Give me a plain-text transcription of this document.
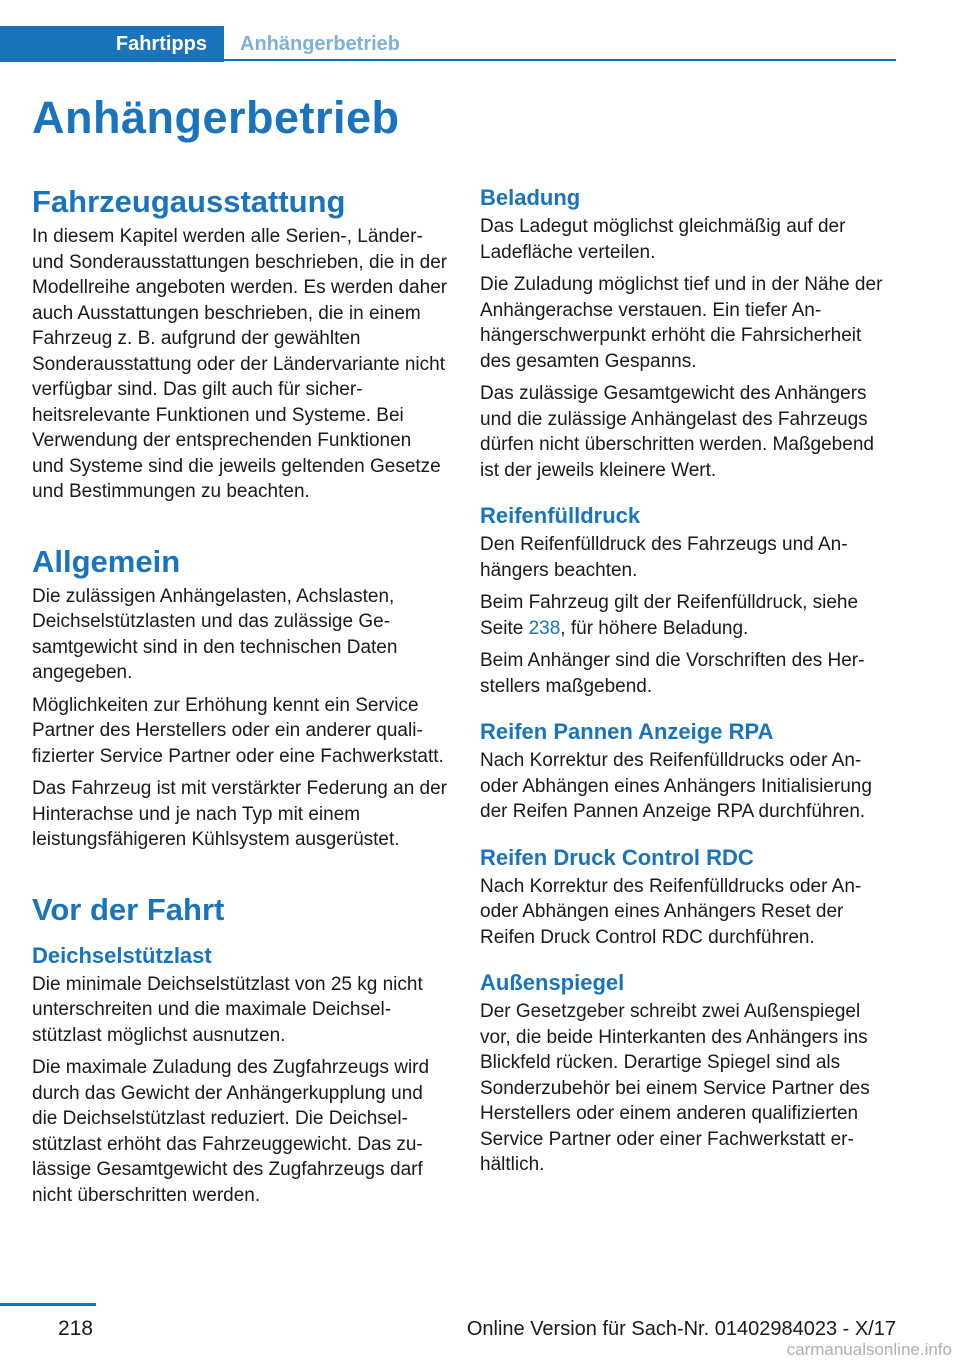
Fahrtipps	Anhängerbetrieb
Anhängerbetrieb
Fahrzeugausstattung

In diesem Kapitel werden alle Serien-, Länder- und Sonderausstattungen beschrieben, die in der Modellreihe angeboten werden. Es werden daher auch Ausstattungen beschrieben, die in einem Fahrzeug z. B. aufgrund der gewählten Sonderausstattung oder der Ländervariante nicht verfügbar sind. Das gilt auch für sicherheitsrelevante Funktionen und Systeme. Bei Verwendung der entsprechenden Funktionen und Systeme sind die jeweils geltenden Gesetze und Bestimmungen zu beachten.

Allgemein

Die zulässigen Anhängelasten, Achslasten, Deichselstützlasten und das zulässige Gesamtgewicht sind in den technischen Daten angegeben.

Möglichkeiten zur Erhöhung kennt ein Service Partner des Herstellers oder ein anderer qualifizierter Service Partner oder eine Fachwerkstatt.

Das Fahrzeug ist mit verstärkter Federung an der Hinterachse und je nach Typ mit einem leistungsfähigeren Kühlsystem ausgerüstet.

Vor der Fahrt
Deichselstützlast

Die minimale Deichselstützlast von 25 kg nicht unterschreiten und die maximale Deichselstützlast möglichst ausnutzen.

Die maximale Zuladung des Zugfahrzeugs wird durch das Gewicht der Anhängerkupplung und die Deichselstützlast reduziert. Die Deichselstützlast erhöht das Fahrzeuggewicht. Das zulässige Gesamtgewicht des Zugfahrzeugs darf nicht überschritten werden.

Beladung

Das Ladegut möglichst gleichmäßig auf der Ladefläche verteilen.

Die Zuladung möglichst tief und in der Nähe der Anhängerachse verstauen. Ein tiefer Anhängerschwerpunkt erhöht die Fahrsicherheit des gesamten Gespanns.

Das zulässige Gesamtgewicht des Anhängers und die zulässige Anhängelast des Fahrzeugs dürfen nicht überschritten werden. Maßgebend ist der jeweils kleinere Wert.

Reifenfülldruck

Den Reifenfülldruck des Fahrzeugs und Anhängers beachten.

Beim Fahrzeug gilt der Reifenfülldruck, siehe Seite 238, für höhere Beladung.

Beim Anhänger sind die Vorschriften des Herstellers maßgebend.

Reifen Pannen Anzeige RPA

Nach Korrektur des Reifenfülldrucks oder An- oder Abhängen eines Anhängers Initialisierung der Reifen Pannen Anzeige RPA durchführen.

Reifen Druck Control RDC

Nach Korrektur des Reifenfülldrucks oder An- oder Abhängen eines Anhängers Reset der Reifen Druck Control RDC durchführen.

Außenspiegel

Der Gesetzgeber schreibt zwei Außenspiegel vor, die beide Hinterkanten des Anhängers ins Blickfeld rücken. Derartige Spiegel sind als Sonderzubehör bei einem Service Partner des Herstellers oder einem anderen qualifizierten Service Partner oder einer Fachwerkstatt erhältlich.

218	Online Version für Sach-Nr. 01402984023 - X/17
carmanualsonline.info
